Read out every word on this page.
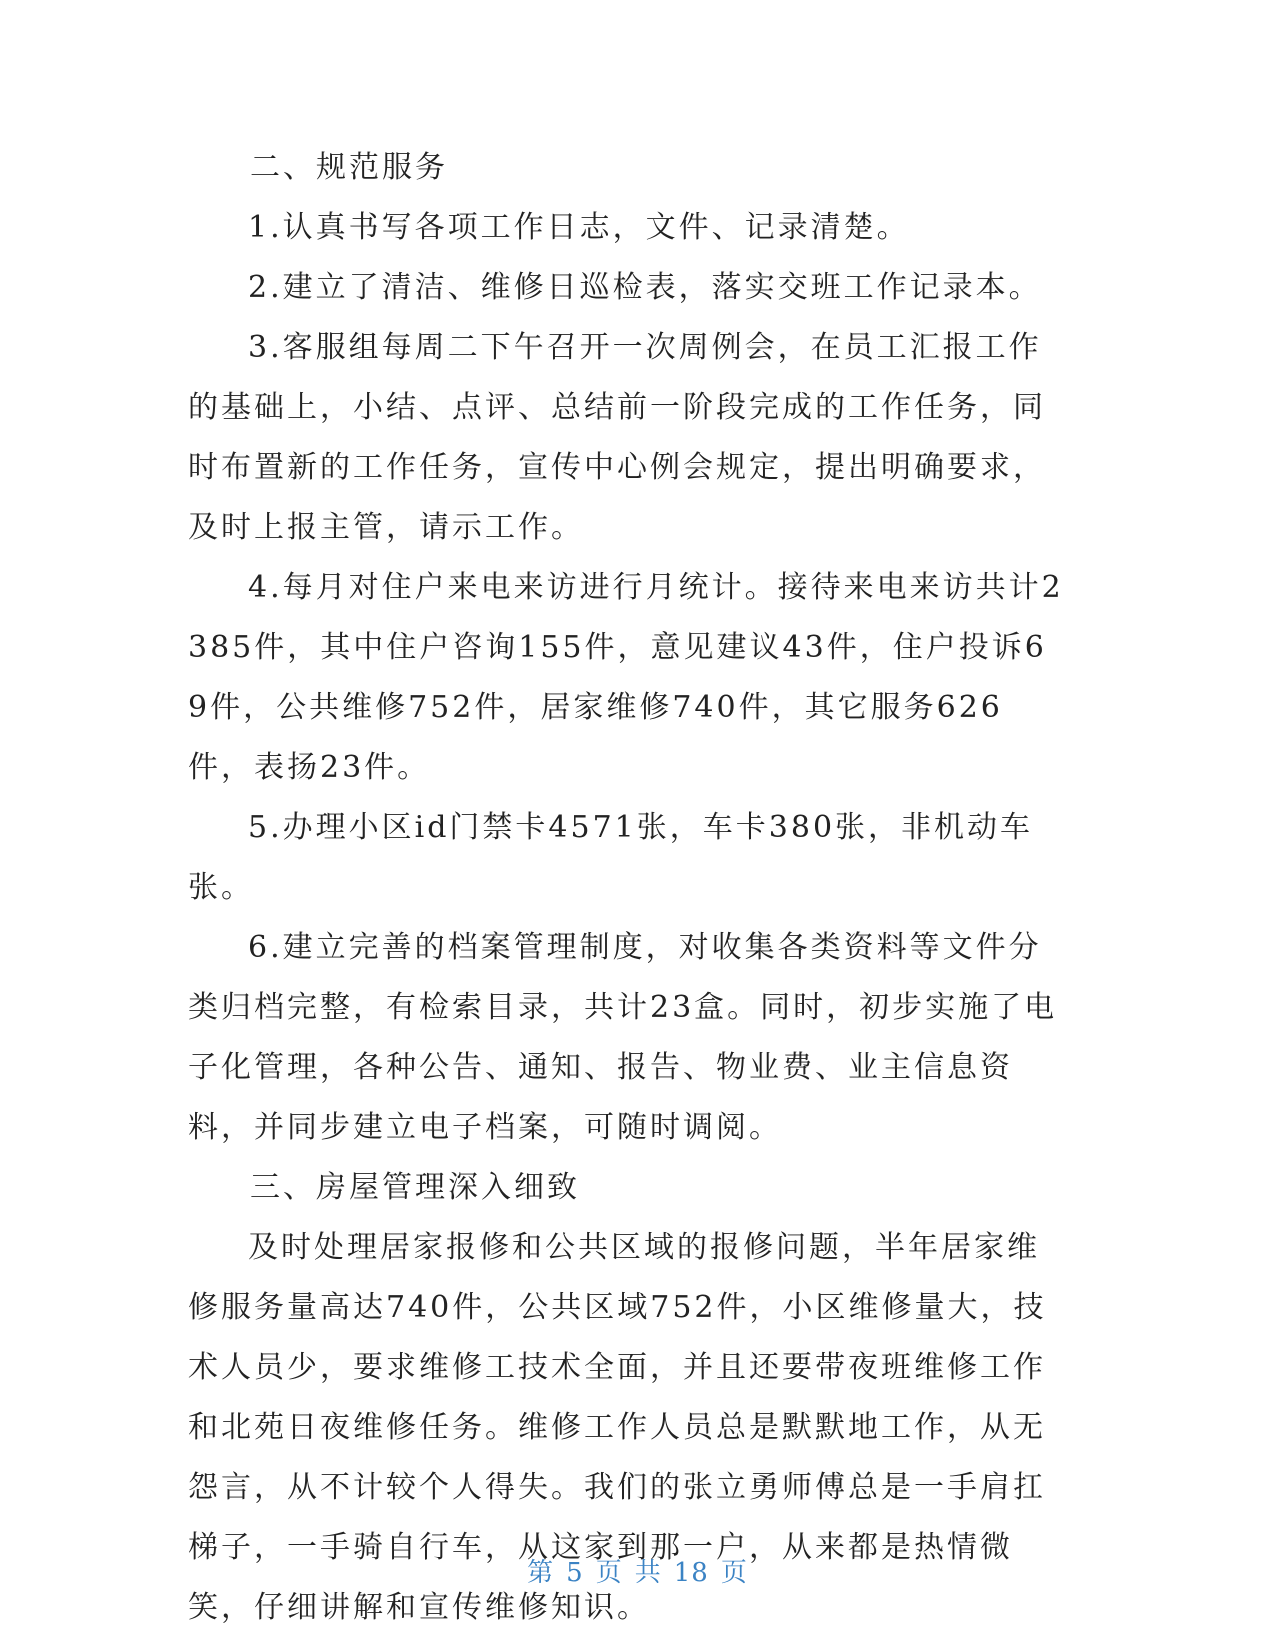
二、规范服务

1.认真书写各项工作日志，文件、记录清楚。

2.建立了清洁、维修日巡检表，落实交班工作记录本。

3.客服组每周二下午召开一次周例会，在员工汇报工作的基础上，小结、点评、总结前一阶段完成的工作任务，同时布置新的工作任务，宣传中心例会规定，提出明确要求，及时上报主管，请示工作。

4.每月对住户来电来访进行月统计。接待来电来访共计2385件，其中住户咨询155件，意见建议43件，住户投诉69件，公共维修752件，居家维修740件，其它服务626件，表扬23件。

5.办理小区id门禁卡4571张，车卡380张，非机动车张。

6.建立完善的档案管理制度，对收集各类资料等文件分类归档完整，有检索目录，共计23盒。同时，初步实施了电子化管理，各种公告、通知、报告、物业费、业主信息资料，并同步建立电子档案，可随时调阅。

三、房屋管理深入细致

及时处理居家报修和公共区域的报修问题，半年居家维修服务量高达740件，公共区域752件，小区维修量大，技术人员少，要求维修工技术全面，并且还要带夜班维修工作和北苑日夜维修任务。维修工作人员总是默默地工作，从无怨言，从不计较个人得失。我们的张立勇师傅总是一手肩扛梯子，一手骑自行车，从这家到那一户，从来都是热情微笑，仔细讲解和宣传维修知识。

第 5 页 共 18 页
